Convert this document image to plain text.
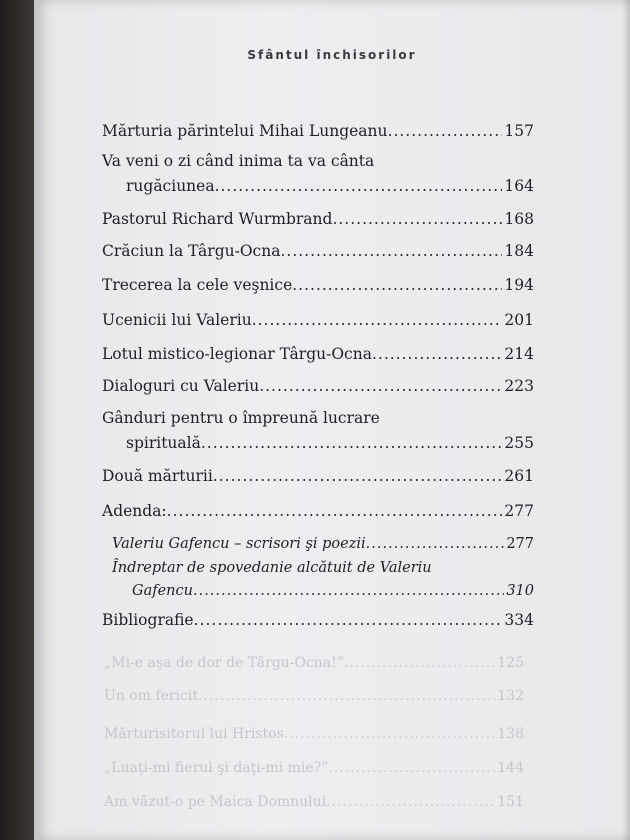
Sfântul închisorilor
Mărturia părintelui Mihai Lungeanu .....	157
Va veni o zi când inima ta va cânta
rugăciunea .....	164
Pastorul Richard Wurmbrand .....	168
Crăciun la Târgu-Ocna .....	184
Trecerea la cele veşnice .....	194
Ucenicii lui Valeriu .....	201
Lotul mistico-legionar Târgu-Ocna .....	214
Dialoguri cu Valeriu .....	223
Gânduri pentru o împreună lucrare
spirituală .....	255
Două mărturii .....	261
Adenda: .....	277
Valeriu Gafencu – scrisori şi poezii .....	277
Îndreptar de spovedanie alcătuit de Valeriu
Gafencu .....	310
Bibliografie .....	334
„Mi-e aşa de dor de Târgu-Ocna!” .....	125
Un om fericit .....	132
Mărturisitorul lui Hristos .....	138
„Luaţi-mi fierul şi daţi-mi mie?” .....	144
Am văzut-o pe Maica Domnului .....	151
